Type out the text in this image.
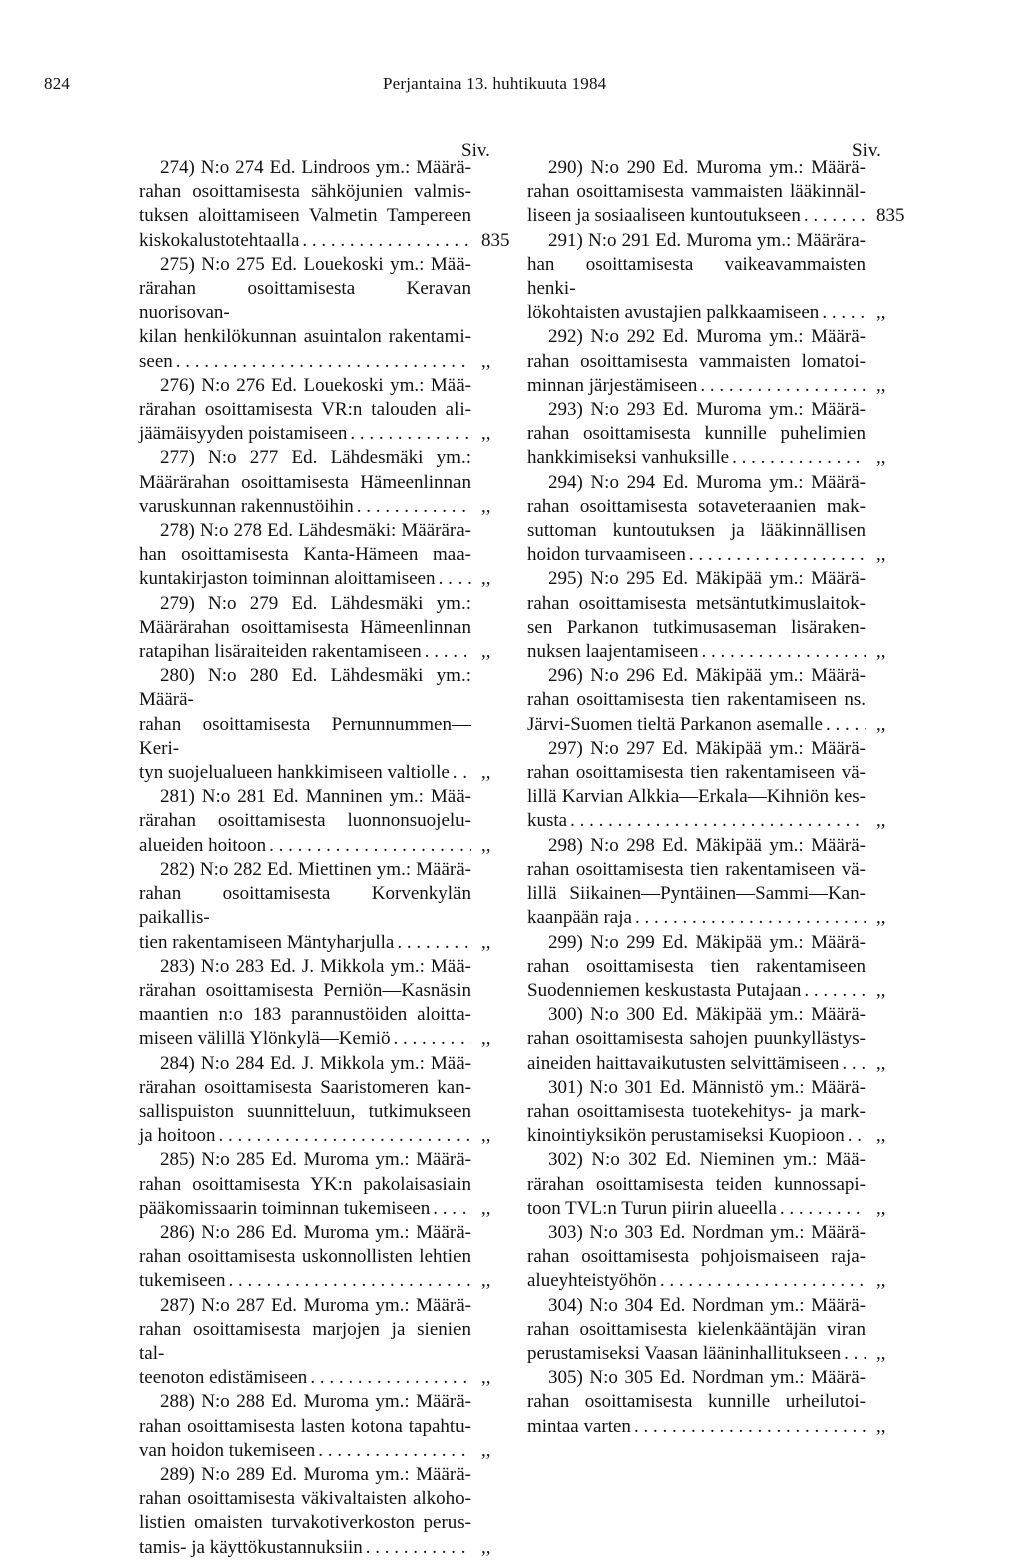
824	Perjantaina 13. huhtikuuta 1984
Siv.	Siv.
274) N:o 274 Ed. Lindroos ym.: Määrä-
rahan osoittamisesta sähköjunien valmis-
tuksen aloittamiseen Valmetin Tampereen
kiskokalustotehtaalla . . .	835
275) N:o 275 Ed. Louekoski ym.: Mää-
rärahan osoittamisesta Keravan nuorisovan-
kilan henkilökunnan asuintalon rakentami-
seen . . .	,,
276) N:o 276 Ed. Louekoski ym.: Mää-
rärahan osoittamisesta VR:n talouden ali-
jäämäisyyden poistamiseen . . .	,,
277) N:o 277 Ed. Lähdesmäki ym.:
Määrärahan osoittamisesta Hämeenlinnan
varuskunnan rakennustöihin . . .	,,
278) N:o 278 Ed. Lähdesmäki: Määrära-
han osoittamisesta Kanta-Hämeen maa-
kuntakirjaston toiminnan aloittamiseen . . . ,,
279) N:o 279 Ed. Lähdesmäki ym.:
Määrärahan osoittamisesta Hämeenlinnan
ratapihan lisäraiteiden rakentamiseen . . .	,,
280) N:o 280 Ed. Lähdesmäki ym.: Määrä-
rahan osoittamisesta Pernunnummen—Keri-
tyn suojelualueen hankkimiseen valtiolle . . . ,,
281) N:o 281 Ed. Manninen ym.: Mää-
rärahan osoittamisesta luonnonsuojelu-
alueiden hoitoon . . .	,,
282) N:o 282 Ed. Miettinen ym.: Määrä-
rahan osoittamisesta Korvenkylän paikallis-
tien rakentamiseen Mäntyharjulla . . .	,,
283) N:o 283 Ed. J. Mikkola ym.: Mää-
rärahan osoittamisesta Perniön—Kasnäsin
maantien n:o 183 parannustöiden aloitta-
miseen välillä Ylönkylä—Kemiö . . .	,,
284) N:o 284 Ed. J. Mikkola ym.: Mää-
rärahan osoittamisesta Saaristomeren kan-
sallispuiston suunnitteluun, tutkimukseen
ja hoitoon . . .	,,
285) N:o 285 Ed. Muroma ym.: Määrä-
rahan osoittamisesta YK:n pakolaisasiain
pääkomissaarin toiminnan tukemiseen . . .	,,
286) N:o 286 Ed. Muroma ym.: Määrä-
rahan osoittamisesta uskonnollisten lehtien
tukemiseen . . .	,,
287) N:o 287 Ed. Muroma ym.: Määrä-
rahan osoittamisesta marjojen ja sienien tal-
teenoton edistämiseen . . .	,,
288) N:o 288 Ed. Muroma ym.: Määrä-
rahan osoittamisesta lasten kotona tapahtu-
van hoidon tukemiseen . . .	,,
289) N:o 289 Ed. Muroma ym.: Määrä-
rahan osoittamisesta väkivaltaisten alkoho-
listien omaisten turvakotiverkoston perus-
tamis- ja käyttökustannuksiin . . .	,,
290) N:o 290 Ed. Muroma ym.: Määrä-
rahan osoittamisesta vammaisten lääkinnäl-
liseen ja sosiaaliseen kuntoutukseen . . .	835
291) N:o 291 Ed. Muroma ym.: Määrära-
han osoittamisesta vaikeavammaisten henki-
lökohtaisten avustajien palkkaamiseen . . .	,,
292) N:o 292 Ed. Muroma ym.: Määrä-
rahan osoittamisesta vammaisten lomatoi-
minnan järjestämiseen . . .	,,
293) N:o 293 Ed. Muroma ym.: Määrä-
rahan osoittamisesta kunnille puhelimien
hankkimiseksi vanhuksille . . .	,,
294) N:o 294 Ed. Muroma ym.: Määrä-
rahan osoittamisesta sotaveteraanien mak-
suttoman kuntoutuksen ja lääkinnällisen
hoidon turvaamiseen . . .	,,
295) N:o 295 Ed. Mäkipää ym.: Määrä-
rahan osoittamisesta metsäntutkimuslaitok-
sen Parkanon tutkimusaseman lisäraken-
nuksen laajentamiseen . . .	,,
296) N:o 296 Ed. Mäkipää ym.: Määrä-
rahan osoittamisesta tien rakentamiseen ns.
Järvi-Suomen tieltä Parkanon asemalle . . .	,,
297) N:o 297 Ed. Mäkipää ym.: Määrä-
rahan osoittamisesta tien rakentamiseen vä-
lillä Karvian Alkkia—Erkala—Kihniön kes-
kusta . . .	,,
298) N:o 298 Ed. Mäkipää ym.: Määrä-
rahan osoittamisesta tien rakentamiseen vä-
lillä Siikainen—Pyntäinen—Sammi—Kan-
kaanpään raja . . .	,,
299) N:o 299 Ed. Mäkipää ym.: Määrä-
rahan osoittamisesta tien rakentamiseen
Suodenniemen keskustasta Putajaan . . .	,,
300) N:o 300 Ed. Mäkipää ym.: Määrä-
rahan osoittamisesta sahojen puunkyllästys-
aineiden haittavaikutusten selvittämiseen . . . ,,
301) N:o 301 Ed. Männistö ym.: Määrä-
rahan osoittamisesta tuotekehitys- ja mark-
kinointiyksikön perustamiseksi Kuopioon . . . ,,
302) N:o 302 Ed. Nieminen ym.: Mää-
rärahan osoittamisesta teiden kunnossapi-
toon TVL:n Turun piirin alueella . . .	,,
303) N:o 303 Ed. Nordman ym.: Määrä-
rahan osoittamisesta pohjoismaiseen raja-
alueyhteistyöhön . . .	,,
304) N:o 304 Ed. Nordman ym.: Määrä-
rahan osoittamisesta kielenkääntäjän viran
perustamiseksi Vaasan lääninhallitukseen . . . ,,
305) N:o 305 Ed. Nordman ym.: Määrä-
rahan osoittamisesta kunnille urheilutoi-
mintaa varten . . .	,,
